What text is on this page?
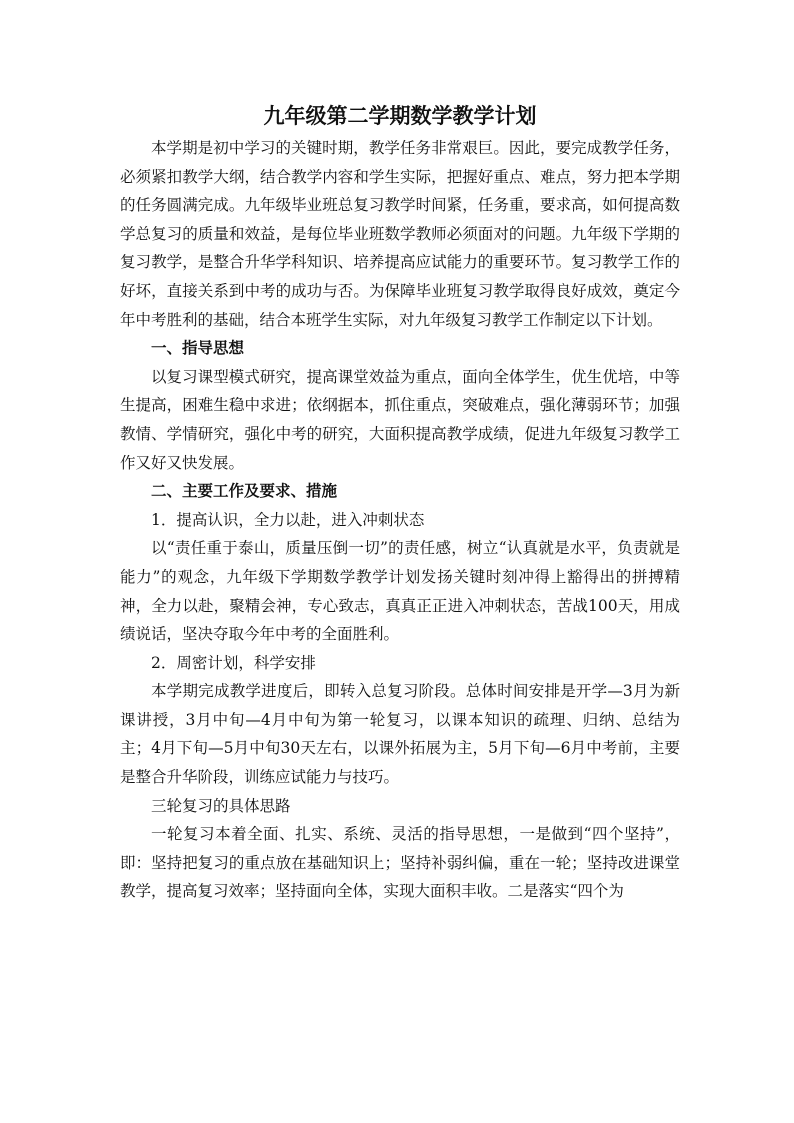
九年级第二学期数学教学计划

本学期是初中学习的关键时期，教学任务非常艰巨。因此，要完成教学任务，必须紧扣教学大纲，结合教学内容和学生实际，把握好重点、难点，努力把本学期的任务圆满完成。九年级毕业班总复习教学时间紧，任务重，要求高，如何提高数学总复习的质量和效益，是每位毕业班数学教师必须面对的问题。九年级下学期的复习教学，是整合升华学科知识、培养提高应试能力的重要环节。复习教学工作的好坏，直接关系到中考的成功与否。为保障毕业班复习教学取得良好成效，奠定今年中考胜利的基础，结合本班学生实际，对九年级复习教学工作制定以下计划。

一、指导思想

以复习课型模式研究，提高课堂效益为重点，面向全体学生，优生优培，中等生提高，困难生稳中求进；依纲据本，抓住重点，突破难点，强化薄弱环节；加强教情、学情研究，强化中考的研究，大面积提高教学成绩，促进九年级复习教学工作又好又快发展。

二、主要工作及要求、措施

1．提高认识，全力以赴，进入冲刺状态

以“责任重于泰山，质量压倒一切”的责任感，树立“认真就是水平，负责就是能力”的观念，九年级下学期数学教学计划发扬关键时刻冲得上豁得出的拼搏精神，全力以赴，聚精会神，专心致志，真真正正进入冲刺状态，苦战100天，用成绩说话，坚决夺取今年中考的全面胜利。

2．周密计划，科学安排

本学期完成教学进度后，即转入总复习阶段。总体时间安排是开学—3月为新课讲授，3月中旬—4月中旬为第一轮复习，以课本知识的疏理、归纳、总结为主；4月下旬—5月中旬30天左右，以课外拓展为主，5月下旬—6月中考前，主要是整合升华阶段，训练应试能力与技巧。

三轮复习的具体思路

一轮复习本着全面、扎实、系统、灵活的指导思想，一是做到“四个坚持”，即：坚持把复习的重点放在基础知识上；坚持补弱纠偏，重在一轮；坚持改进课堂教学，提高复习效率；坚持面向全体，实现大面积丰收。二是落实“四个为
